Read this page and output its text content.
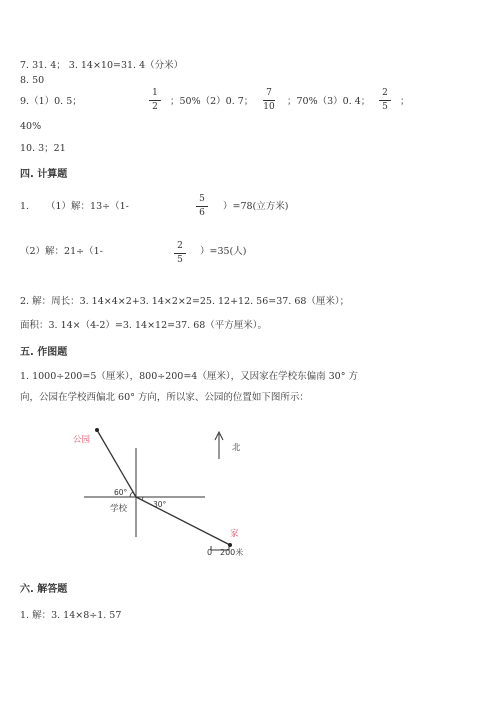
7. 31. 4； 3. 14×10=31. 4（分米）
8. 50
9.（1）0. 5；
1
2	；50%（2）0. 7；
7
10 ；70%（3）0. 4；
2
5	；
40%
10. 3；21
四. 计算题
1. （1）解：13÷（1-
5
6
）=78(立方米)
（2）解：21÷（1-	2
5
）=35(人)
2. 解：周长：3. 14×4×2+3. 14×2×2=25. 12+12. 56=37. 68（厘米）；
面积：3. 14×（4-2）=3. 14×12=37. 68（平方厘米）。
五. 作图题
1. 1000÷200=5（厘米），800÷200=4（厘米），又因家在学校东偏南 30° 方
向，公园在学校西偏北 60° 方向，所以家、公园的位置如下图所示：
公园
北
60°
30°
学校
家
0 200米
六. 解答题
1. 解：3. 14×8÷1. 57
